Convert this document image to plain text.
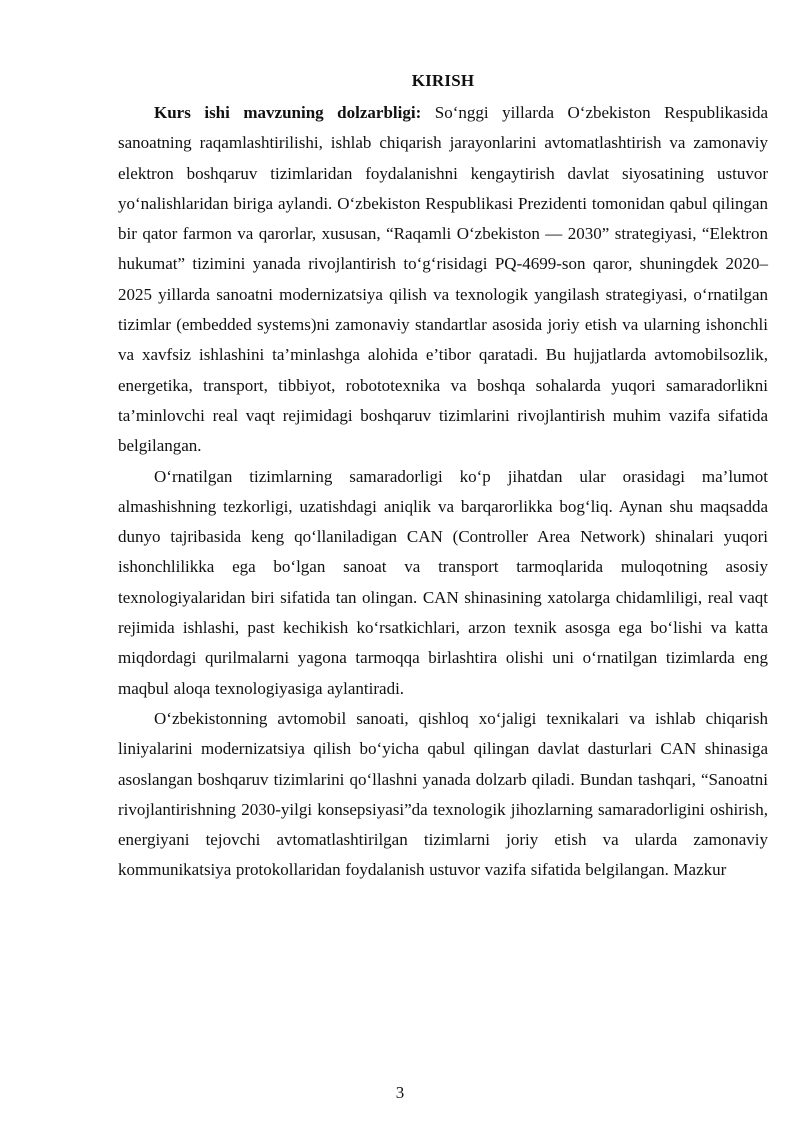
KIRISH

Kurs ishi mavzuning dolzarbligi: So‘nggi yillarda O‘zbekiston Respublikasida sanoatning raqamlashtirilishi, ishlab chiqarish jarayonlarini avtomatlashtirish va zamonaviy elektron boshqaruv tizimlaridan foydalanishni kengaytirish davlat siyosatining ustuvor yo‘nalishlaridan biriga aylandi. O‘zbekiston Respublikasi Prezidenti tomonidan qabul qilingan bir qator farmon va qarorlar, xususan, “Raqamli O‘zbekiston — 2030” strategiyasi, “Elektron hukumat” tizimini yanada rivojlantirish to‘g‘risidagi PQ-4699-son qaror, shuningdek 2020–2025 yillarda sanoatni modernizatsiya qilish va texnologik yangilash strategiyasi, o‘rnatilgan tizimlar (embedded systems)ni zamonaviy standartlar asosida joriy etish va ularning ishonchli va xavfsiz ishlashini ta’minlashga alohida e’tibor qaratadi. Bu hujjatlarda avtomobilsozlik, energetika, transport, tibbiyot, robototexnika va boshqa sohalarda yuqori samaradorlikni ta’minlovchi real vaqt rejimidagi boshqaruv tizimlarini rivojlantirish muhim vazifa sifatida belgilangan.

O‘rnatilgan tizimlarning samaradorligi ko‘p jihatdan ular orasidagi ma’lumot almashishning tezkorligi, uzatishdagi aniqlik va barqarorlikka bog‘liq. Aynan shu maqsadda dunyo tajribasida keng qo‘llaniladigan CAN (Controller Area Network) shinalari yuqori ishonchlilikka ega bo‘lgan sanoat va transport tarmoqlarida muloqotning asosiy texnologiyalaridan biri sifatida tan olingan. CAN shinasining xatolarga chidamliligi, real vaqt rejimida ishlashi, past kechikish ko‘rsatkichlari, arzon texnik asosga ega bo‘lishi va katta miqdordagi qurilmalarni yagona tarmoqqa birlashtira olishi uni o‘rnatilgan tizimlarda eng maqbul aloqa texnologiyasiga aylantiradi.

O‘zbekistonning avtomobil sanoati, qishloq xo‘jaligi texnikalari va ishlab chiqarish liniyalarini modernizatsiya qilish bo‘yicha qabul qilingan davlat dasturlari CAN shinasiga asoslangan boshqaruv tizimlarini qo‘llashni yanada dolzarb qiladi. Bundan tashqari, “Sanoatni rivojlantirishning 2030-yilgi konsepsiyasi”da texnologik jihozlarning samaradorligini oshirish, energiyani tejovchi avtomatlashtirilgan tizimlarni joriy etish va ularda zamonaviy kommunikatsiya protokollaridan foydalanish ustuvor vazifa sifatida belgilangan. Mazkur

3
